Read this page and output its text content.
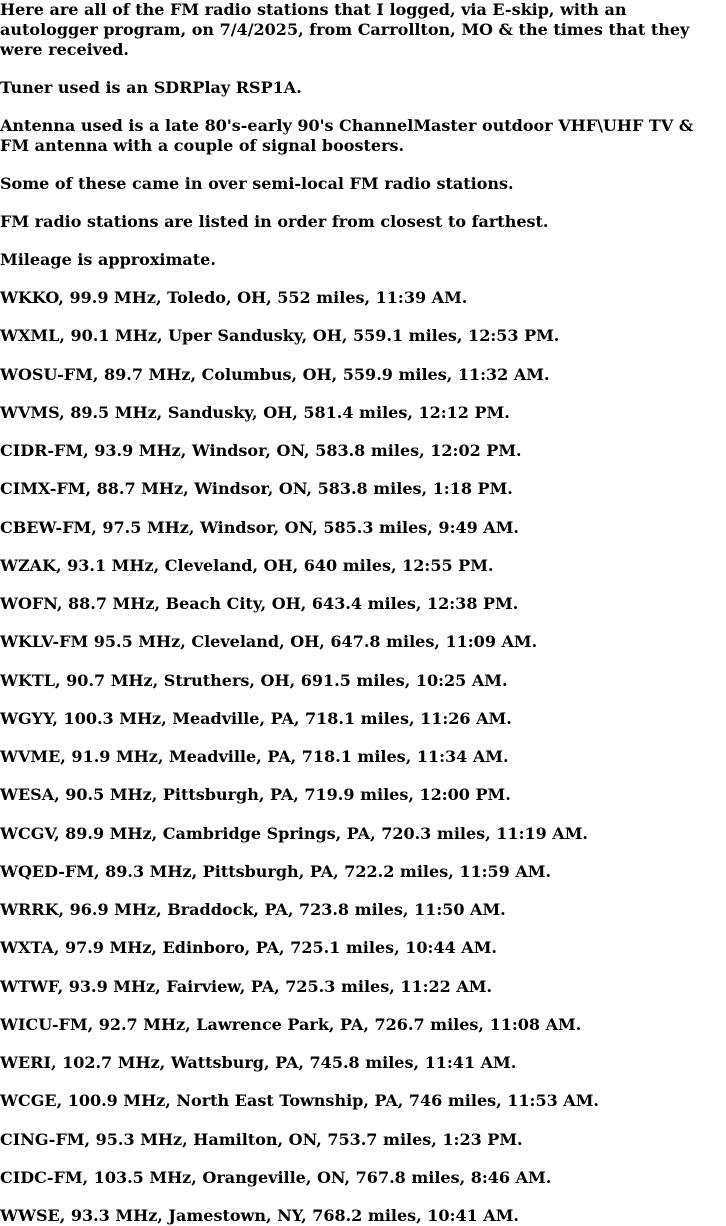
Here are all of the FM radio stations that I logged, via E-skip, with an autologger program, on 7/4/2025, from Carrollton, MO & the times that they were received.

Tuner used is an SDRPlay RSP1A.

Antenna used is a late 80's-early 90's ChannelMaster outdoor VHF\UHF TV & FM antenna with a couple of signal boosters.

Some of these came in over semi-local FM radio stations.

FM radio stations are listed in order from closest to farthest.

Mileage is approximate.

WKKO, 99.9 MHz, Toledo, OH, 552 miles, 11:39 AM.

WXML, 90.1 MHz, Uper Sandusky, OH, 559.1 miles, 12:53 PM.

WOSU-FM, 89.7 MHz, Columbus, OH, 559.9 miles, 11:32 AM.

WVMS, 89.5 MHz, Sandusky, OH, 581.4 miles, 12:12 PM.

CIDR-FM, 93.9 MHz, Windsor, ON, 583.8 miles, 12:02 PM.

CIMX-FM, 88.7 MHz, Windsor, ON, 583.8 miles, 1:18 PM.

CBEW-FM, 97.5 MHz, Windsor, ON, 585.3 miles, 9:49 AM.

WZAK, 93.1 MHz, Cleveland, OH, 640 miles, 12:55 PM.

WOFN, 88.7 MHz, Beach City, OH, 643.4 miles, 12:38 PM.

WKLV-FM 95.5 MHz, Cleveland, OH, 647.8 miles, 11:09 AM.

WKTL, 90.7 MHz, Struthers, OH, 691.5 miles, 10:25 AM.

WGYY, 100.3 MHz, Meadville, PA, 718.1 miles, 11:26 AM.

WVME, 91.9 MHz, Meadville, PA, 718.1 miles, 11:34 AM.

WESA, 90.5 MHz, Pittsburgh, PA, 719.9 miles, 12:00 PM.

WCGV, 89.9 MHz, Cambridge Springs, PA, 720.3 miles, 11:19 AM.

WQED-FM, 89.3 MHz, Pittsburgh, PA, 722.2 miles, 11:59 AM.

WRRK, 96.9 MHz, Braddock, PA, 723.8 miles, 11:50 AM.

WXTA, 97.9 MHz, Edinboro, PA, 725.1 miles, 10:44 AM.

WTWF, 93.9 MHz, Fairview, PA, 725.3 miles, 11:22 AM.

WICU-FM, 92.7 MHz, Lawrence Park, PA, 726.7 miles, 11:08 AM.

WERI, 102.7 MHz, Wattsburg, PA, 745.8 miles, 11:41 AM.

WCGE, 100.9 MHz, North East Township, PA, 746 miles, 11:53 AM.

CING-FM, 95.3 MHz, Hamilton, ON, 753.7 miles, 1:23 PM.

CIDC-FM, 103.5 MHz, Orangeville, ON, 767.8 miles, 8:46 AM.

WWSE, 93.3 MHz, Jamestown, NY, 768.2 miles, 10:41 AM.
